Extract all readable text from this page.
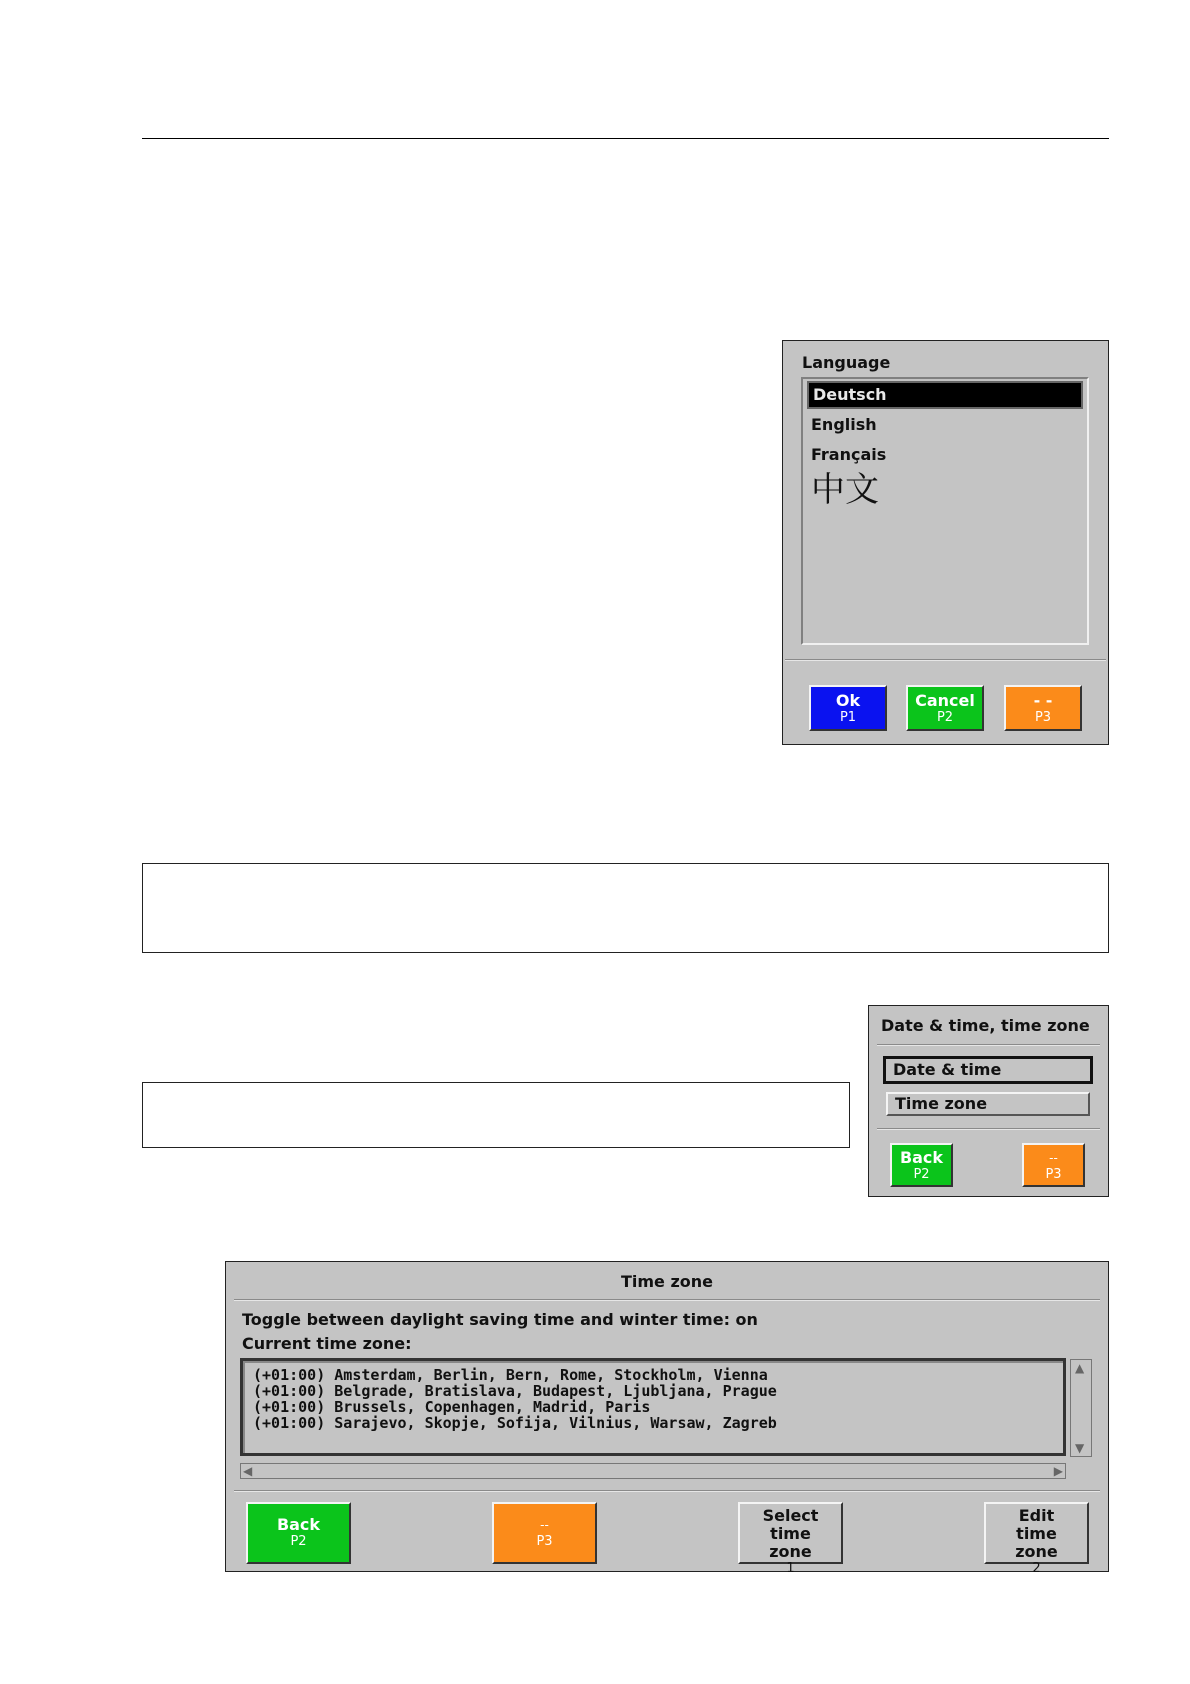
Language
Deutsch
English
Français
中文
Ok
P1
Cancel
P2
- -
P3
Date & time, time zone
Date & time
Time zone
Back
P2
--
P3
Time zone
Toggle between daylight saving time and winter time: on
Current time zone:
(+01:00) Amsterdam, Berlin, Bern, Rome, Stockholm, Vienna
(+01:00) Belgrade, Bratislava, Budapest, Ljubljana, Prague
(+01:00) Brussels, Copenhagen, Madrid, Paris
(+01:00) Sarajevo, Skopje, Sofija, Vilnius, Warsaw, Zagreb
▲
▼
◀	▶
Back
P2
--
P3
Select time zone
1
Edit time zone
2
